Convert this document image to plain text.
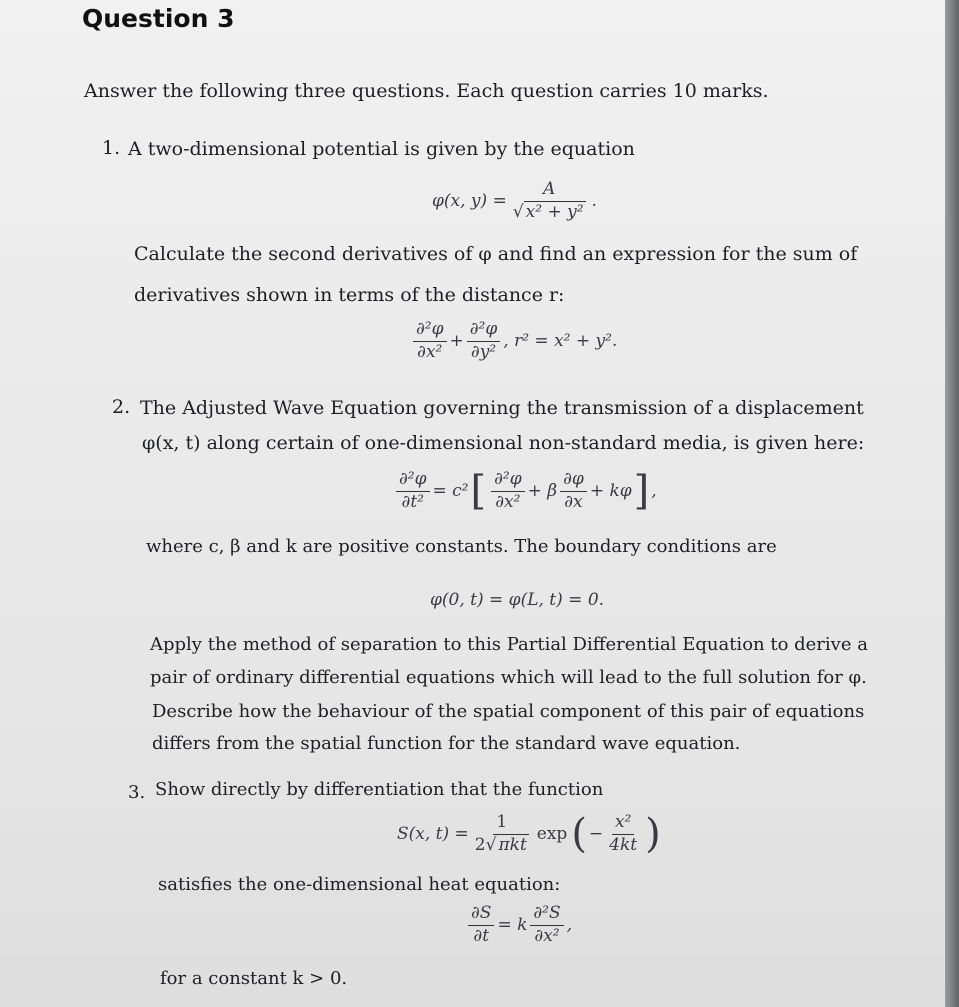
Question 3
Answer the following three questions. Each question carries 10 marks.
1. A two-dimensional potential is given by the equation
φ(x, $y) = \frac{A}{\text{√ x² + y²}}$ .
Calculate the second derivatives of φ and find an expression for the sum of
derivatives shown in terms of the distance r:
$\frac{\text{∂²φ}}{\text{∂x²}} + \frac{\text{∂²φ}}{\text{∂y²}}$ , r² = x² + y².
2. The Adjusted Wave Equation governing the transmission of a displacement
φ(x, t) along certain of one-dimensional non-standard media, is given here:
$\frac{\text{∂²φ}}{\text{∂t²}} = c^2$ [ $\frac{\text{∂²φ}}{\text{∂x²}} + \beta \frac{\partial\varphi}{\partial x} + k\varphi$ ] ,
where c, β and k are positive constants. The boundary conditions are
φ(0, t) = φ(L, t) = 0.
Apply the method of separation to this Partial Differential Equation to derive a
pair of ordinary differential equations which will lead to the full solution for φ.
Describe how the behaviour of the spatial component of this pair of equations
differs from the spatial function for the standard wave equation.
3. Show directly by differentiation that the function
S(x, $t) = \frac{1}{\text{2√ πkt}}$ exp ( − $\frac{\text{x²}}{4kt}$ )
satisfies the one-dimensional heat equation:
$\frac{\partial S}{\partial t} = k \frac{\text{∂²S}}{\text{∂x²}}$ ,
for a constant k > 0.
